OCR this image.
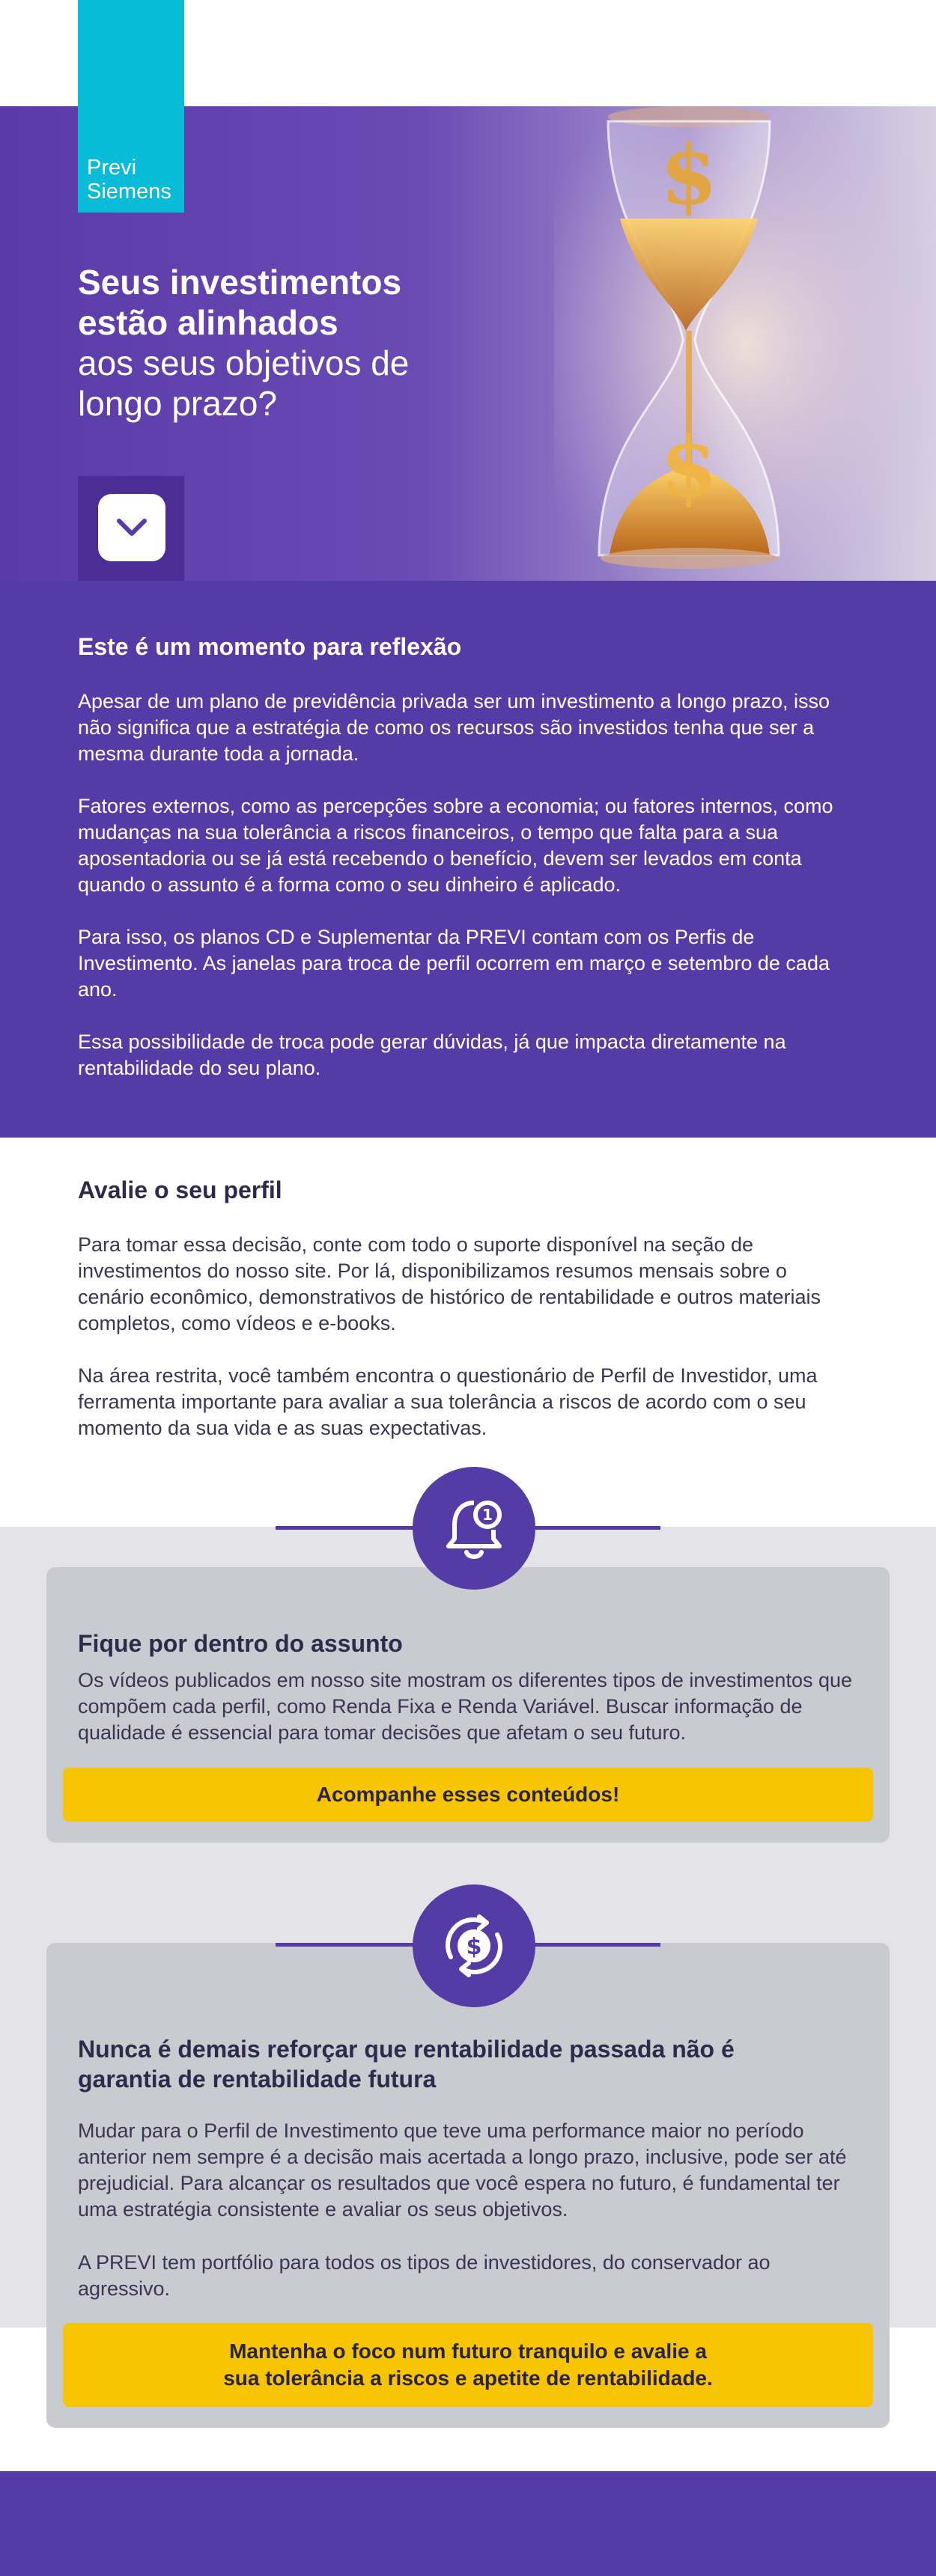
$
$
Previ
Siemens
Seus investimentos
estão alinhados
aos seus objetivos de
longo prazo?
Este é um momento para reflexão

Apesar de um plano de previdência privada ser um investimento a longo prazo, isso não significa que a estratégia de como os recursos são investidos tenha que ser a mesma durante toda a jornada.

Fatores externos, como as percepções sobre a economia; ou fatores internos, como mudanças na sua tolerância a riscos financeiros, o tempo que falta para a sua aposentadoria ou se já está recebendo o benefício, devem ser levados em conta quando o assunto é a forma como o seu dinheiro é aplicado.

Para isso, os planos CD e Suplementar da PREVI contam com os Perfis de Investimento. As janelas para troca de perfil ocorrem em março e setembro de cada ano.

Essa possibilidade de troca pode gerar dúvidas, já que impacta diretamente na rentabilidade do seu plano.

Avalie o seu perfil

Para tomar essa decisão, conte com todo o suporte disponível na seção de investimentos do nosso site. Por lá, disponibilizamos resumos mensais sobre o cenário econômico, demonstrativos de histórico de rentabilidade e outros materiais completos, como vídeos e e-books.

Na área restrita, você também encontra o questionário de Perfil de Investidor, uma ferramenta importante para avaliar a sua tolerância a riscos de acordo com o seu momento da sua vida e as suas expectativas.

Fique por dentro do assunto

Os vídeos publicados em nosso site mostram os diferentes tipos de investimentos que compõem cada perfil, como Renda Fixa e Renda Variável. Buscar informação de qualidade é essencial para tomar decisões que afetam o seu futuro.

Acompanhe esses conteúdos!
1
Nunca é demais reforçar que rentabilidade passada não é
garantia de rentabilidade futura

Mudar para o Perfil de Investimento que teve uma performance maior no período anterior nem sempre é a decisão mais acertada a longo prazo, inclusive, pode ser até prejudicial. Para alcançar os resultados que você espera no futuro, é fundamental ter uma estratégia consistente e avaliar os seus objetivos.

A PREVI tem portfólio para todos os tipos de investidores, do conservador ao agressivo.

Mantenha o foco num futuro tranquilo e avalie a
sua tolerância a riscos e apetite de rentabilidade.
$
